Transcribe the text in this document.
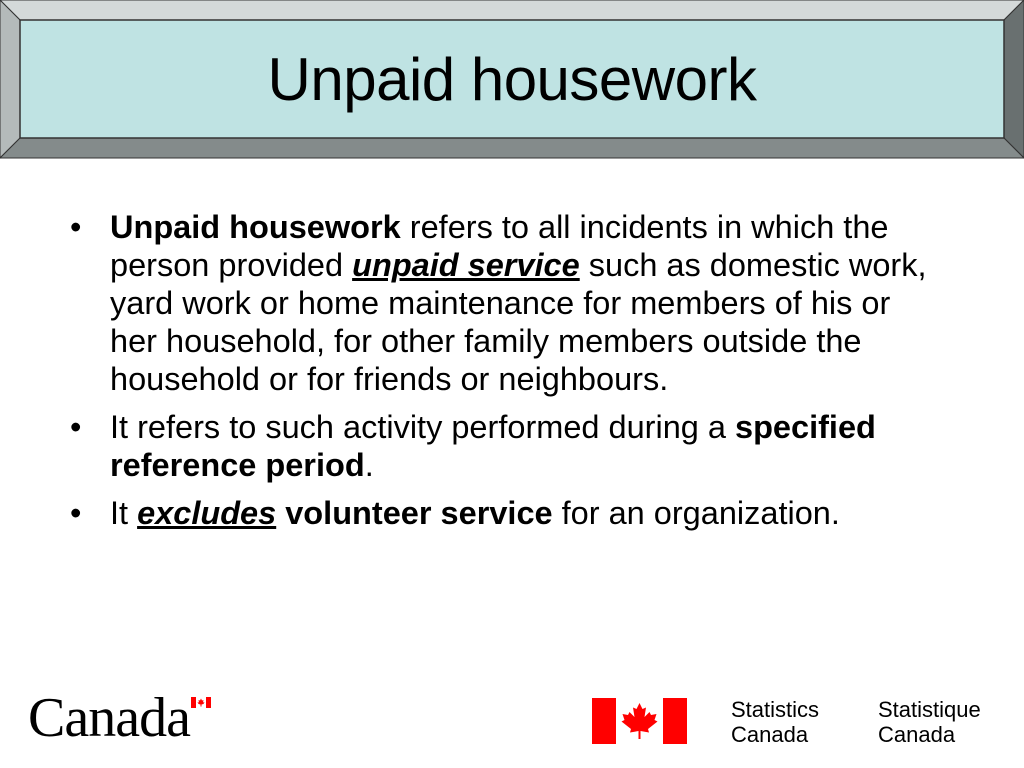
Unpaid housework
• Unpaid housework refers to all incidents in which the person provided unpaid service such as domestic work, yard work or home maintenance for members of his or her household, for other family members outside the household or for friends or neighbours.
• It refers to such activity performed during a specified reference period.
• It excludes volunteer service for an organization.
Canada	Statistics
Canada
Statistique
Canada
